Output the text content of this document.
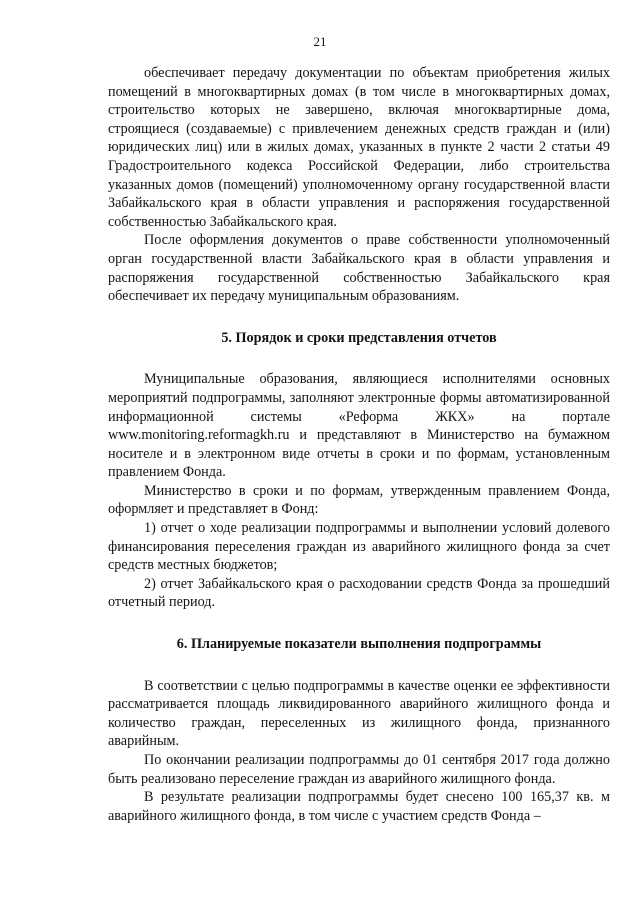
21

обеспечивает передачу документации по объектам приобретения жилых помещений в многоквартирных домах (в том числе в многоквартирных домах, строительство которых не завершено, включая многоквартирные дома, строящиеся (создаваемые) с привлечением денежных средств граждан и (или) юридических лиц) или в жилых домах, указанных в пункте 2 части 2 статьи 49 Градостроительного кодекса Российской Федерации, либо строительства указанных домов (помещений) уполномоченному органу государственной власти Забайкальского края в области управления и распоряжения государственной собственностью Забайкальского края.

После оформления документов о праве собственности уполномоченный орган государственной власти Забайкальского края в области управления и распоряжения государственной собственностью Забайкальского края обеспечивает их передачу муниципальным образованиям.

5. Порядок и сроки представления отчетов

Муниципальные образования, являющиеся исполнителями основных мероприятий подпрограммы, заполняют электронные формы автоматизированной информационной системы «Реформа ЖКХ» на портале www.monitoring.reformagkh.ru и представляют в Министерство на бумажном носителе и в электронном виде отчеты в сроки и по формам, установленным правлением Фонда.

Министерство в сроки и по формам, утвержденным правлением Фонда, оформляет и представляет в Фонд:

1) отчет о ходе реализации подпрограммы и выполнении условий долевого финансирования переселения граждан из аварийного жилищного фонда за счет средств местных бюджетов;

2) отчет Забайкальского края о расходовании средств Фонда за прошедший отчетный период.

6. Планируемые показатели выполнения подпрограммы

В соответствии с целью подпрограммы в качестве оценки ее эффективности рассматривается площадь ликвидированного аварийного жилищного фонда и количество граждан, переселенных из жилищного фонда, признанного аварийным.

По окончании реализации подпрограммы до 01 сентября 2017 года должно быть реализовано переселение граждан из аварийного жилищного фонда.

В результате реализации подпрограммы будет снесено 100 165,37 кв. м аварийного жилищного фонда, в том числе с участием средств Фонда –
